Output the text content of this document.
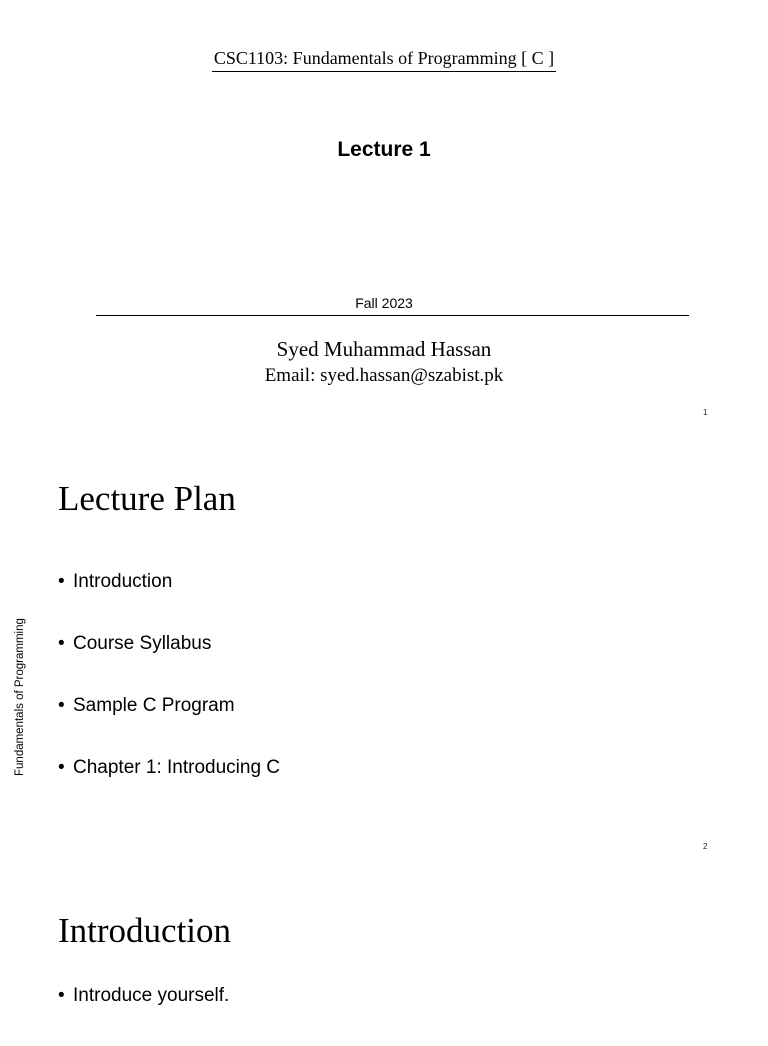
CSC1103: Fundamentals of Programming [ C ]
Lecture 1
Fall 2023
Syed Muhammad Hassan
Email: syed.hassan@szabist.pk
1
Lecture Plan
• Introduction
• Course Syllabus
• Sample C Program
• Chapter 1: Introducing C
2
Fundamentals of Programming
Introduction
• Introduce yourself.
